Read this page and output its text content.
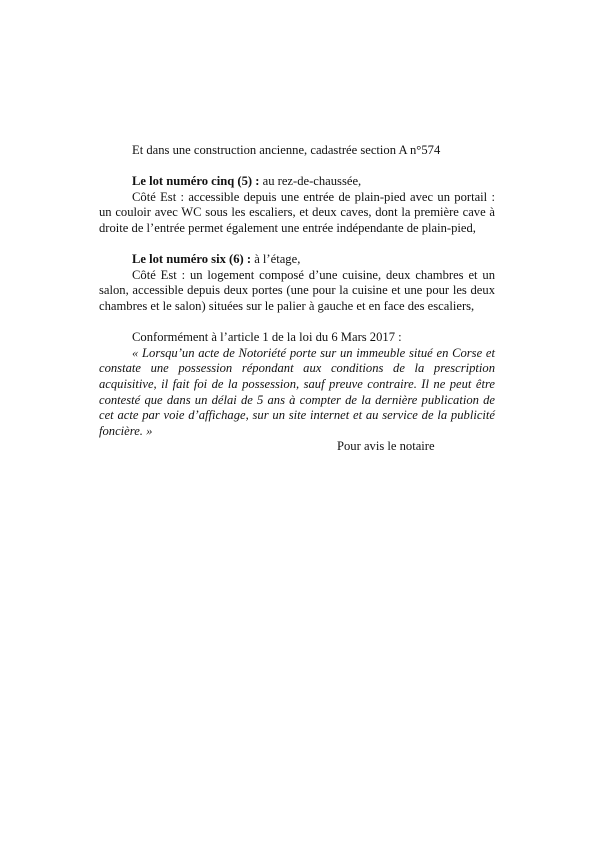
Et dans une construction ancienne, cadastrée section A n°574

Le lot numéro cinq (5) : au rez-de-chaussée,

Côté Est : accessible depuis une entrée de plain-pied avec un portail : un couloir avec WC sous les escaliers, et deux caves, dont la première cave à droite de l’entrée permet également une entrée indépendante de plain-pied,

Le lot numéro six (6) : à l’étage,

Côté Est : un logement composé d’une cuisine, deux chambres et un salon, accessible depuis deux portes (une pour la cuisine et une pour les deux chambres et le salon) situées sur le palier à gauche et en face des escaliers,

Conformément à l’article 1 de la loi du 6 Mars 2017 :

« Lorsqu’un acte de Notoriété porte sur un immeuble situé en Corse et constate une possession répondant aux conditions de la prescription acquisitive, il fait foi de la possession, sauf preuve contraire. Il ne peut être contesté que dans un délai de 5 ans à compter de la dernière publication de cet acte par voie d’affichage, sur un site internet et au service de la publicité foncière. »

Pour avis le notaire
